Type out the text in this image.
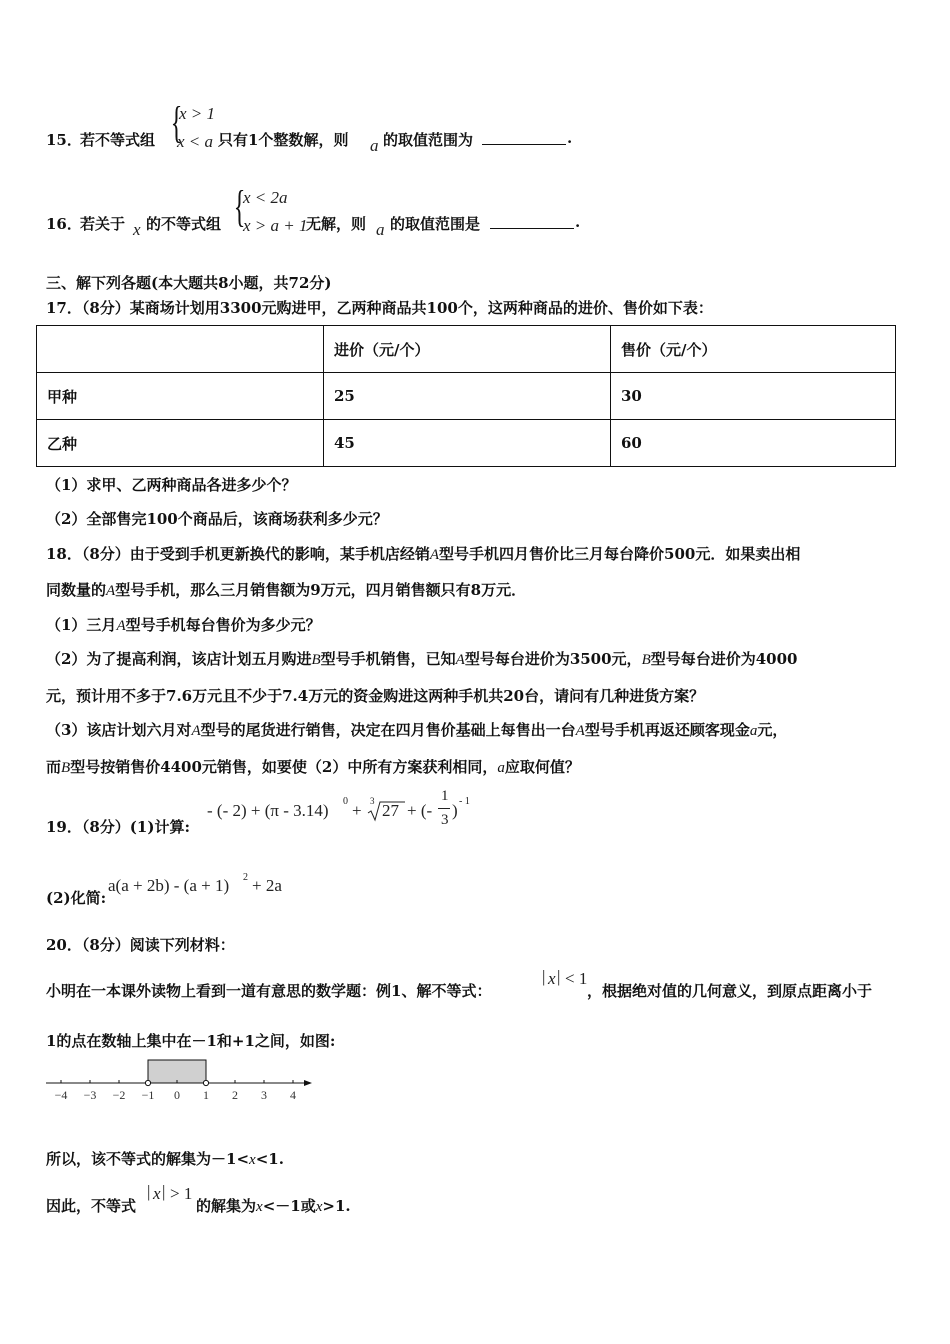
15．
若不等式组 {
x > 1
x < a 只有1个整数解，则 a 的取值范围为	.
16．
若关于 x 的不等式组 {
x < 2a
x > a + 1
无解，则 a 的取值范围是	.
三、解下列各题(本大题共8小题，共72分)
17．（8分）某商场计划用3300元购进甲，乙两种商品共100个，这两种商品的进价、售价如下表：
	进价（元/个）	售价（元/个）
甲种	25	30
乙种	45	60
（1）求甲、乙两种商品各进多少个？
（2）全部售完100个商品后，该商场获利多少元？
18．（8分）由于受到手机更新换代的影响，某手机店经销A型号手机四月售价比三月每台降价500元．如果卖出相
同数量的A型号手机，那么三月销售额为9万元，四月销售额只有8万元．
（1）三月A型号手机每台售价为多少元？
（2）为了提高利润，该店计划五月购进B型号手机销售，已知A型号每台进价为3500元，B型号每台进价为4000
元，预计用不多于7.6万元且不少于7.4万元的资金购进这两种手机共20台，请问有几种进货方案？
（3）该店计划六月对A型号的尾货进行销售，决定在四月售价基础上每售出一台A型号手机再返还顾客现金a元，
而B型号按销售价4400元销售，如要使（2）中所有方案获利相同，a应取何值？
19．（8分）(1)计算:
- (- 2) + (π - 3.14) 0 + 3 27 + (-
1
3 ) - 1
(2)化简:
a(a + 2b) - (a + 1) 2 + 2a
20．（8分）阅读下列材料：
小明在一本课外读物上看到一道有意思的数学题：例1、解不等式：
| x | < 1
，根据绝对值的几何意义，到原点距离小于
1的点在数轴上集中在－1和+1之间，如图:
−4 −3 −2 −1 0 1 2 3 4
所以，该不等式的解集为－1<x<1.
因此，不等式
| x | > 1
的解集为x<－1或x>1.
